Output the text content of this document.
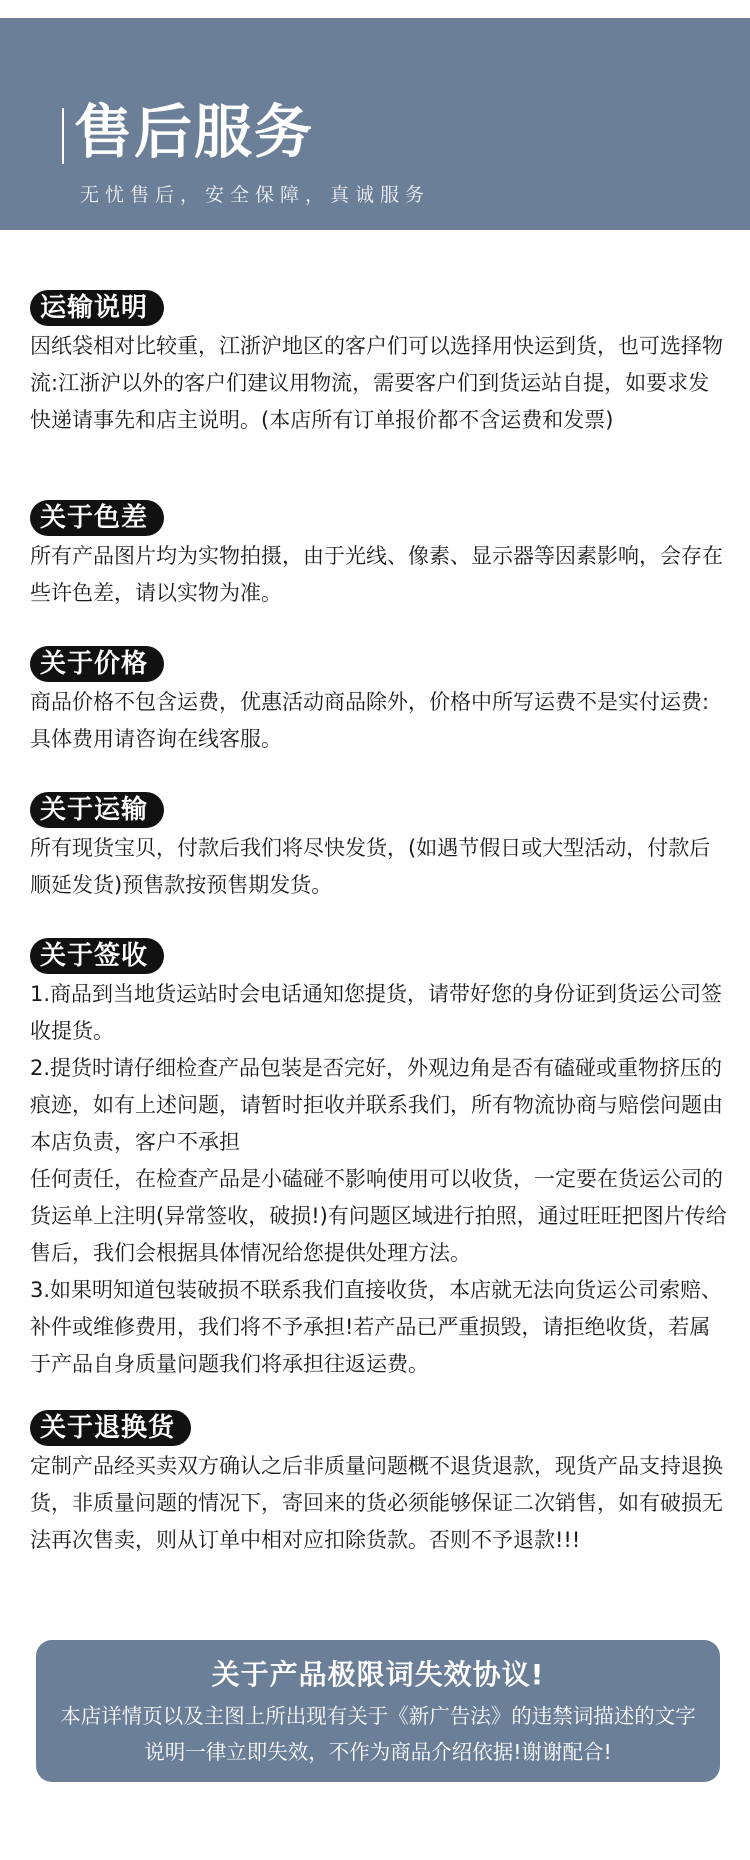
售后服务
无忧售后，安全保障，真诚服务
运输说明

因纸袋相对比较重，江浙沪地区的客户们可以选择用快运到货，也可选择物流:江浙沪以外的客户们建议用物流，需要客户们到货运站自提，如要求发快递请事先和店主说明。(本店所有订单报价都不含运费和发票)

关于色差

所有产品图片均为实物拍摄，由于光线、像素、显示器等因素影响，会存在些许色差，请以实物为准。

关于价格

商品价格不包含运费，优惠活动商品除外，价格中所写运费不是实付运费:具体费用请咨询在线客服。

关于运输

所有现货宝贝，付款后我们将尽快发货，(如遇节假日或大型活动，付款后顺延发货)预售款按预售期发货。

关于签收

1.商品到当地货运站时会电话通知您提货，请带好您的身份证到货运公司签收提货。

2.提货时请仔细检查产品包装是否完好，外观边角是否有磕碰或重物挤压的痕迹，如有上述问题，请暂时拒收并联系我们，所有物流协商与赔偿问题由本店负责，客户不承担

任何责任，在检查产品是小磕碰不影响使用可以收货，一定要在货运公司的货运单上注明(异常签收，破损!)有问题区域进行拍照，通过旺旺把图片传给售后，我们会根据具体情况给您提供处理方法。

3.如果明知道包装破损不联系我们直接收货，本店就无法向货运公司索赔、补件或维修费用，我们将不予承担!若产品已严重损毁，请拒绝收货，若属于产品自身质量问题我们将承担往返运费。

关于退换货

定制产品经买卖双方确认之后非质量问题概不退货退款，现货产品支持退换货，非质量问题的情况下，寄回来的货必须能够保证二次销售，如有破损无法再次售卖，则从订单中相对应扣除货款。否则不予退款!!!

关于产品极限词失效协议!
本店详情页以及主图上所出现有关于《新广告法》的违禁词描述的文字说明一律立即失效，不作为商品介绍依据!谢谢配合!
